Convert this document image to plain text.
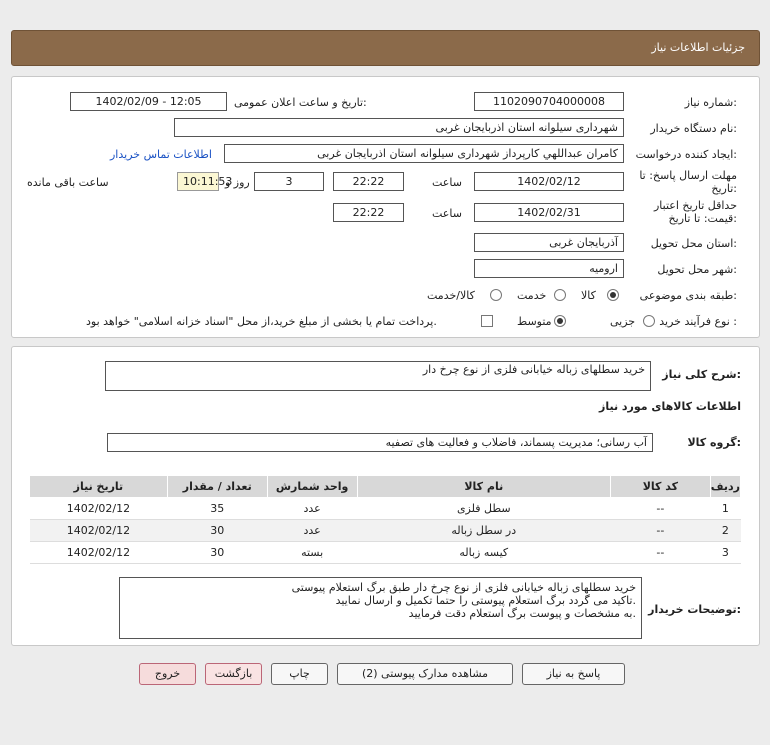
جزئیات اطلاعات نیاز
شماره نیاز:
1102090704000008
تاریخ و ساعت اعلان عمومی:
1402/02/09 - 12:05
نام دستگاه خریدار:
شهرداری سیلوانه استان اذربایجان غربی
ایجاد کننده درخواست:
کامران عبداللهي کارپرداز شهرداری سیلوانه استان اذربایجان غربی
اطلاعات تماس خریدار
مهلت ارسال پاسخ: تا
تاریخ:
1402/02/12
ساعت
22:22
3
روز و
10:11:53
ساعت باقی مانده
حداقل تاریخ اعتبار
قیمت: تا تاریخ:
1402/02/31
ساعت
22:22
استان محل تحویل:
آذربایجان غربی
شهر محل تحویل:
ارومیه
طبقه بندی موضوعی:
کالا
خدمت
کالا/خدمت
نوع فرآیند خرید :
جزیی
متوسط
پرداخت تمام یا بخشی از مبلغ خرید،از محل "اسناد خزانه اسلامی" خواهد بود.
شرح کلی نیاز:
خرید سطلهای زباله خیابانی فلزی از نوع چرخ دار
اطلاعات کالاهای مورد نیاز
گروه کالا:
آب رسانی؛ مدیریت پسماند، فاضلاب و فعالیت های تصفیه
ردیف	کد کالا	نام کالا	واحد شمارش	تعداد / مقدار	تاریخ نیاز
1	--	سطل فلزی	عدد	35	1402/02/12
2	--	در سطل زباله	عدد	30	1402/02/12
3	--	کیسه زباله	بسته	30	1402/02/12
توضیحات خریدار:
خرید سطلهای زباله خیابانی فلزی از نوع چرخ دار طبق برگ استعلام پیوستی
تاکید می گردد برگ استعلام پیوستی را حتما تکمیل و ارسال نمایید.
به مشخصات و پیوست برگ استعلام دقت فرمایید.
پاسخ به نیاز
مشاهده مدارک پیوستی (2)
چاپ
بازگشت
خروج
